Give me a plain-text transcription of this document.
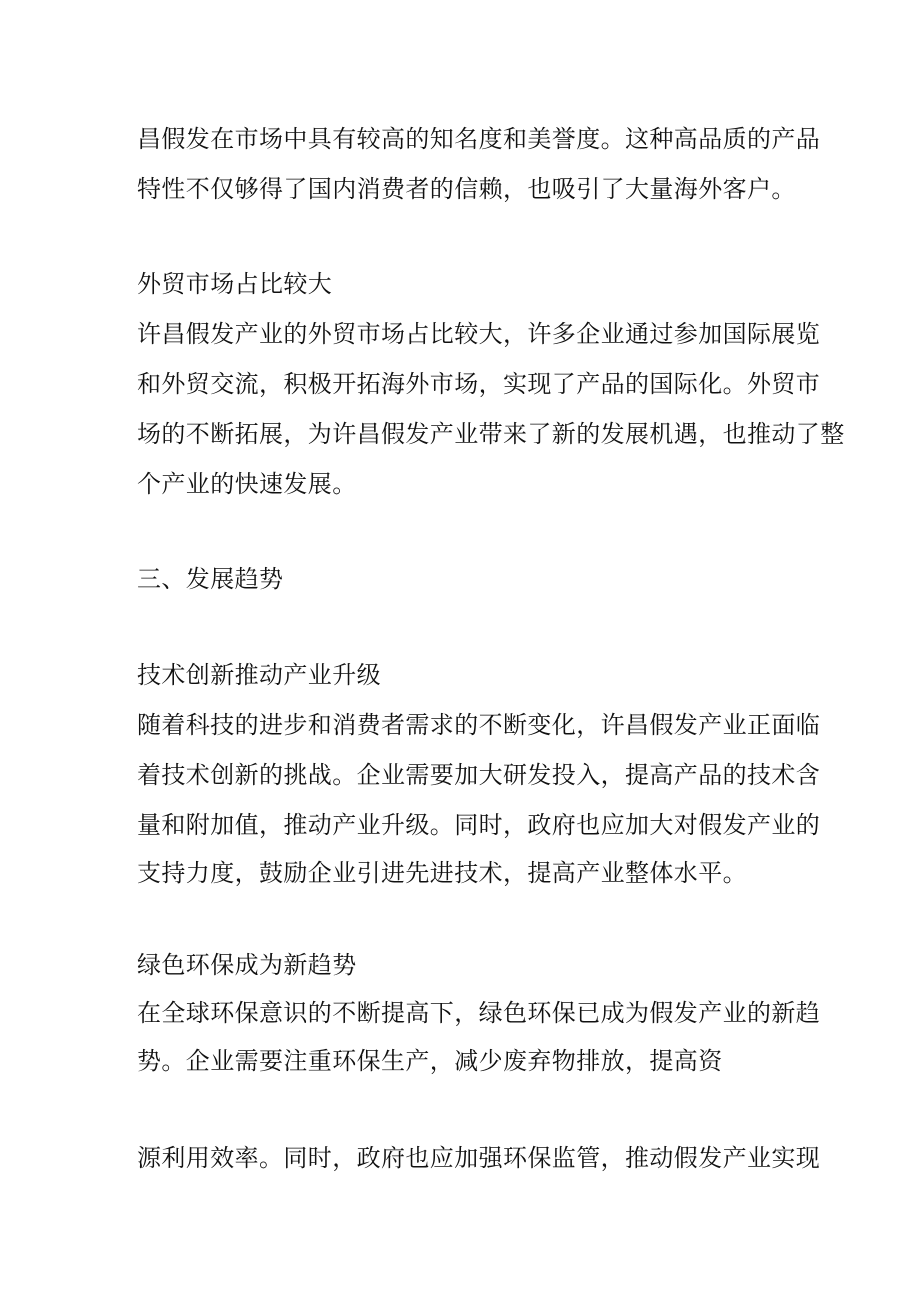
昌假发在市场中具有较高的知名度和美誉度。这种高品质的产品
特性不仅够得了国内消费者的信赖，也吸引了大量海外客户。
外贸市场占比较大
许昌假发产业的外贸市场占比较大，许多企业通过参加国际展览
和外贸交流，积极开拓海外市场，实现了产品的国际化。外贸市
场的不断拓展，为许昌假发产业带来了新的发展机遇，也推动了整
个产业的快速发展。
三、发展趋势
技术创新推动产业升级
随着科技的进步和消费者需求的不断变化，许昌假发产业正面临
着技术创新的挑战。企业需要加大研发投入，提高产品的技术含
量和附加值，推动产业升级。同时，政府也应加大对假发产业的
支持力度，鼓励企业引进先进技术，提高产业整体水平。
绿色环保成为新趋势
在全球环保意识的不断提高下，绿色环保已成为假发产业的新趋
势。企业需要注重环保生产，减少废弃物排放，提高资
源利用效率。同时，政府也应加强环保监管，推动假发产业实现
